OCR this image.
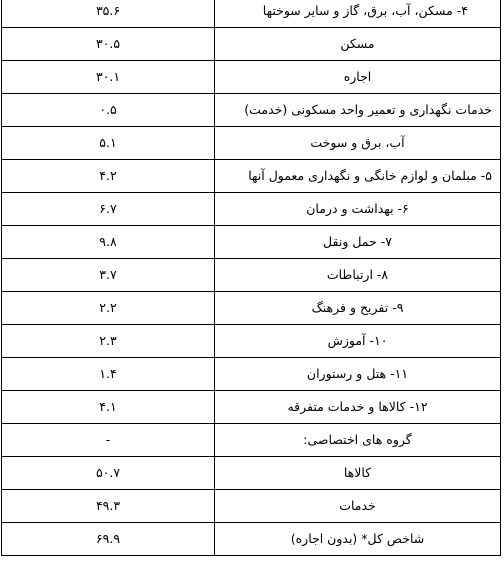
۳۵.۶	۴- مسکن، آب، برق، گاز و سایر سوختها
۳۰.۵	مسکن
۳۰.۱	اجاره
۰.۵	خدمات نگهداری و تعمیر واحد مسکونی (خدمت)
۵.۱	آب، برق و سوخت
۴.۲	۵- مبلمان و لوازم خانگی و نگهداری معمول آنها
۶.۷	۶- بهداشت و درمان
۹.۸	۷- حمل ونقل
۳.۷	۸- ارتباطات
۲.۲	۹- تفریح و فرهنگ
۲.۳	۱۰- آموزش
۱.۴	۱۱- هتل و رستوران
۴.۱	۱۲- کالاها و خدمات متفرقه
-	گروه های اختصاصی:
۵۰.۷	کالاها
۴۹.۳	خدمات
۶۹.۹	شاخص کل* (بدون اجاره)
